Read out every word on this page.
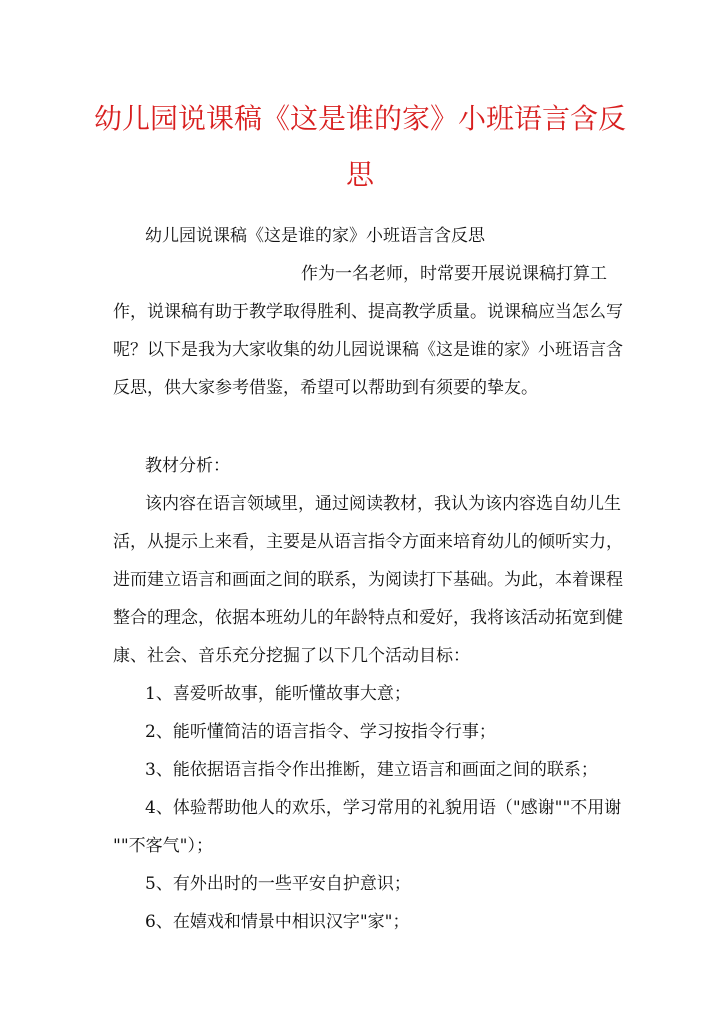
幼儿园说课稿《这是谁的家》小班语言含反
思
幼儿园说课稿《这是谁的家》小班语言含反思
作为一名老师，时常要开展说课稿打算工
作，说课稿有助于教学取得胜利、提高教学质量。说课稿应当怎么写
呢？以下是我为大家收集的幼儿园说课稿《这是谁的家》小班语言含
反思，供大家参考借鉴，希望可以帮助到有须要的挚友。
教材分析：
该内容在语言领域里，通过阅读教材，我认为该内容选自幼儿生
活，从提示上来看，主要是从语言指令方面来培育幼儿的倾听实力，
进而建立语言和画面之间的联系，为阅读打下基础。为此，本着课程
整合的理念，依据本班幼儿的年龄特点和爱好，我将该活动拓宽到健
康、社会、音乐充分挖掘了以下几个活动目标：
1、喜爱听故事，能听懂故事大意；
2、能听懂简洁的语言指令、学习按指令行事；
3、能依据语言指令作出推断，建立语言和画面之间的联系；
4、体验帮助他人的欢乐，学习常用的礼貌用语（"感谢""不用谢
""不客气"）；
5、有外出时的一些平安自护意识；
6、在嬉戏和情景中相识汉字"家"；
